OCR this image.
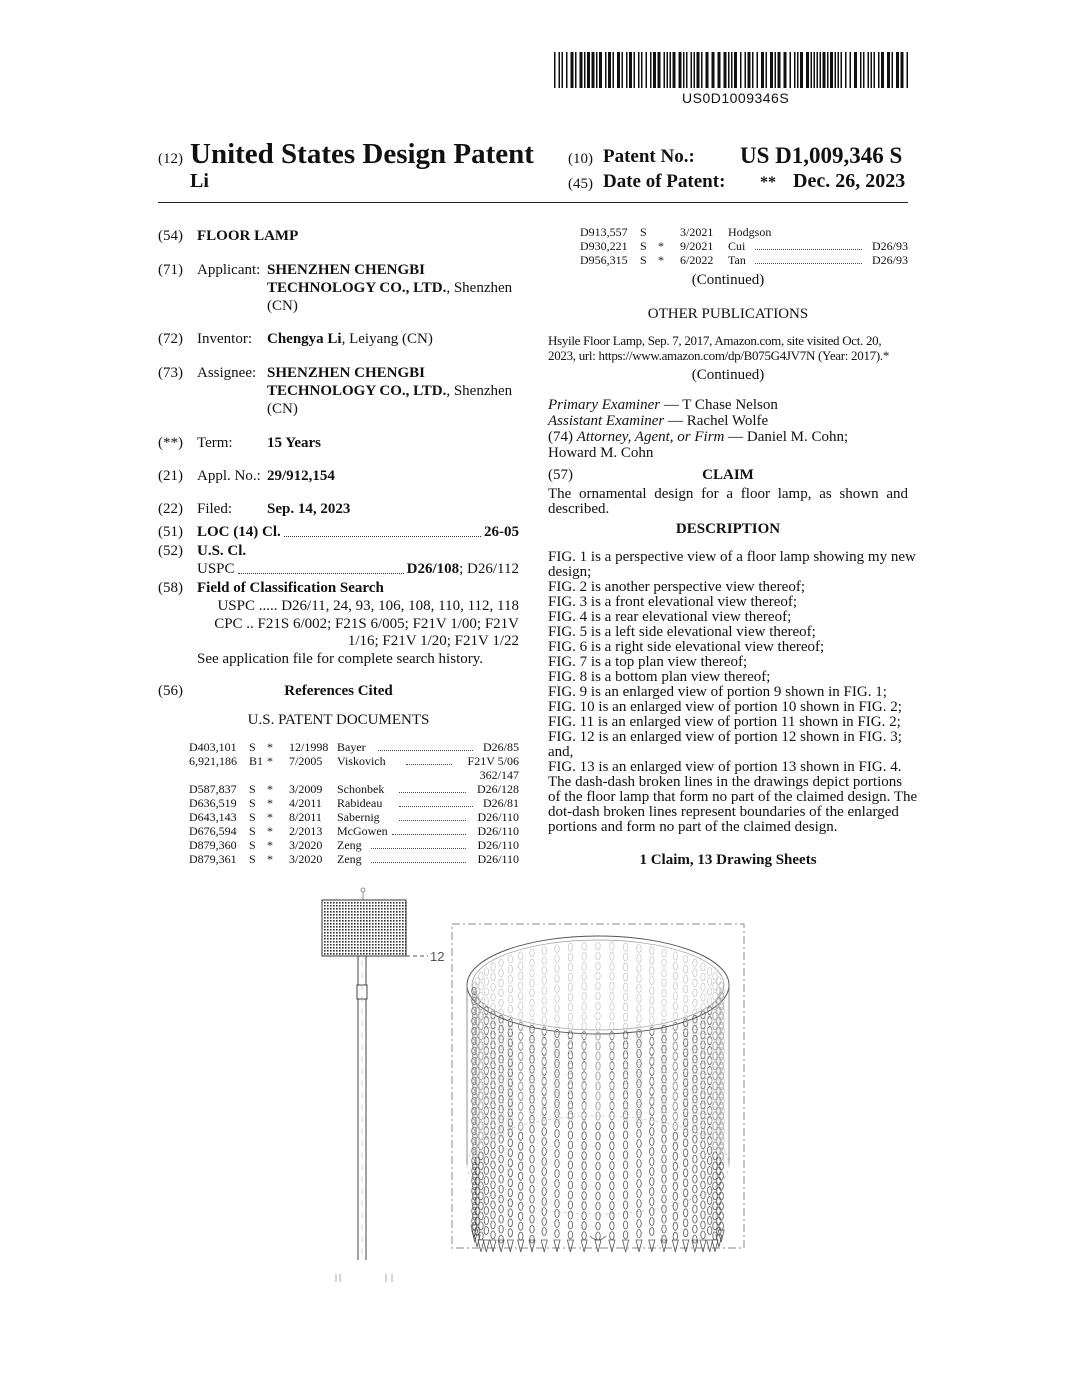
US0D1009346S
(12) United States Design Patent
Li
(10) Patent No.: US D1,009,346 S
(45) Date of Patent: ** Dec. 26, 2023
(54) FLOOR LAMP
(71) Applicant: SHENZHEN CHENGBI
TECHNOLOGY CO., LTD., Shenzhen
(CN)
(72) Inventor: Chengya Li, Leiyang (CN)
(73) Assignee: SHENZHEN CHENGBI
TECHNOLOGY CO., LTD., Shenzhen
(CN)
(**) Term: 15 Years
(21) Appl. No.: 29/912,154
(22) Filed: Sep. 14, 2023
(51) LOC (14) Cl.	26-05
(52) U.S. Cl.
USPC	D26/108 ; D26/112
(58) Field of Classification Search
USPC ..... D26/11, 24, 93, 106, 108, 110, 112, 118
CPC .. F21S 6/002; F21S 6/005; F21V 1/00; F21V
1/16; F21V 1/20; F21V 1/22
See application file for complete search history.
(56)	References Cited
U.S. PATENT DOCUMENTS
D403,101 S * 12/1998 Bayer	D26/85
6,921,186 B1 * 7/2005 Viskovich	F21V 5/06
362/147
D587,837 S * 3/2009 Schonbek	D26/128
D636,519 S * 4/2011 Rabideau	D26/81
D643,143 S * 8/2011 Sabernig	D26/110
D676,594 S * 2/2013 McGowen	D26/110
D879,360 S * 3/2020 Zeng	D26/110
D879,361 S * 3/2020 Zeng	D26/110
D913,557 S	3/2021 Hodgson
D930,221 S * 9/2021 Cui	D26/93
D956,315 S * 6/2022 Tan	D26/93
(Continued)
OTHER PUBLICATIONS
Hsyile Floor Lamp, Sep. 7, 2017, Amazon.com, site visited Oct. 20,
2023, url: https://www.amazon.com/dp/B075G4JV7N (Year: 2017).*
(Continued)
Primary Examiner — T Chase Nelson
Assistant Examiner — Rachel Wolfe
(74) Attorney, Agent, or Firm — Daniel M. Cohn;
Howard M. Cohn
(57)	CLAIM
The ornamental design for a floor lamp, as shown and
described.
DESCRIPTION
FIG. 1 is a perspective view of a floor lamp showing my new
design;
FIG. 2 is another perspective view thereof;
FIG. 3 is a front elevational view thereof;
FIG. 4 is a rear elevational view thereof;
FIG. 5 is a left side elevational view thereof;
FIG. 6 is a right side elevational view thereof;
FIG. 7 is a top plan view thereof;
FIG. 8 is a bottom plan view thereof;
FIG. 9 is an enlarged view of portion 9 shown in FIG. 1;
FIG. 10 is an enlarged view of portion 10 shown in FIG. 2;
FIG. 11 is an enlarged view of portion 11 shown in FIG. 2;
FIG. 12 is an enlarged view of portion 12 shown in FIG. 3;
and,
FIG. 13 is an enlarged view of portion 13 shown in FIG. 4.
The dash-dash broken lines in the drawings depict portions
of the floor lamp that form no part of the claimed design. The
dot-dash broken lines represent boundaries of the enlarged
portions and form no part of the claimed design.
1 Claim, 13 Drawing Sheets
12
